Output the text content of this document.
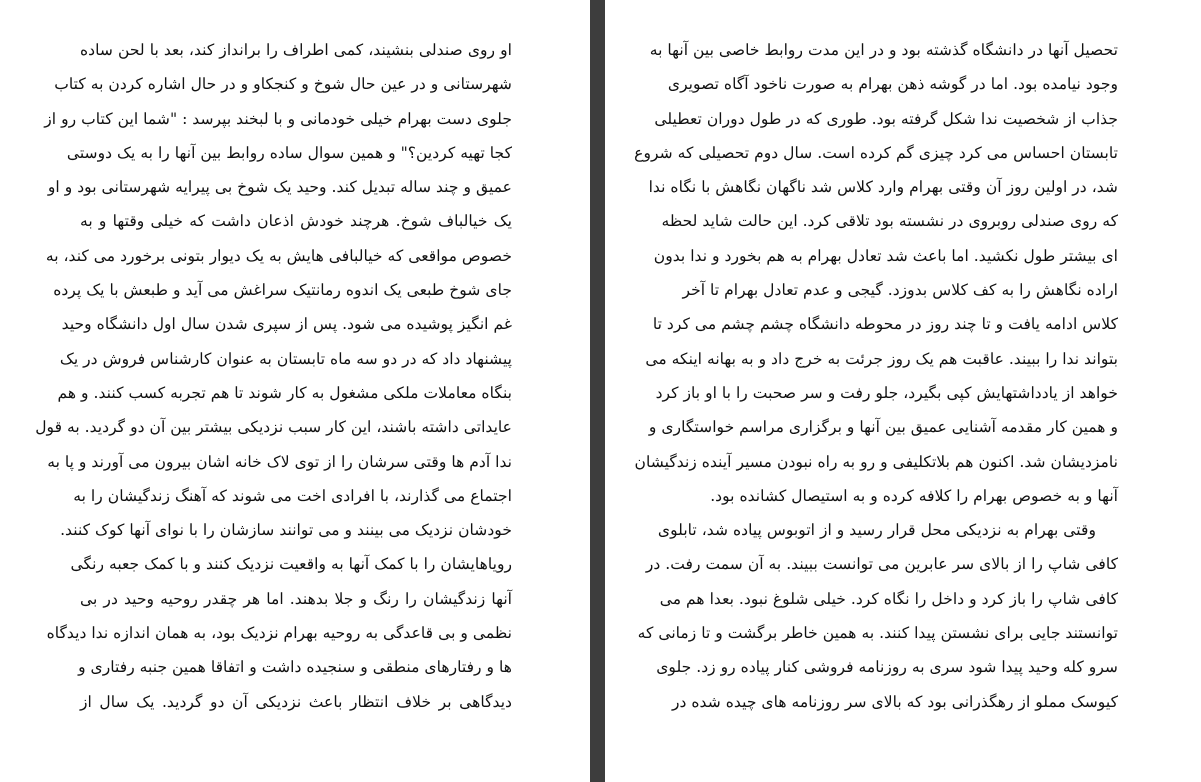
او روی صندلی بنشیند، کمی اطراف را برانداز کند، بعد با لحن ساده
شهرستانی و در عین حال شوخ و کنجکاو و در حال اشاره کردن به کتاب
جلوی دست بهرام خیلی خودمانی و با لبخند بپرسد : "شما این کتاب رو از
کجا تهیه کردین؟" و همین سوال ساده روابط بین آنها را به یک دوستی
عمیق و چند ساله تبدیل کند. وحید یک شوخ بی پیرایه شهرستانی بود و او
یک خیالباف شوخ. هرچند خودش اذعان داشت که خیلی وقتها و به
خصوص مواقعی که خیالبافی هایش به یک دیوار بتونی برخورد می کند، به
جای شوخ طبعی یک اندوه رمانتیک سراغش می آید و طبعش با یک پرده
غم انگیز پوشیده می شود. پس از سپری شدن سال اول دانشگاه وحید
پیشنهاد داد که در دو سه ماه تابستان به عنوان کارشناس فروش در یک
بنگاه معاملات ملکی مشغول به کار شوند تا هم تجربه کسب کنند. و هم
عایداتی داشته باشند، این کار سبب نزدیکی بیشتر بین آن دو گردید. به قول
ندا آدم ها وقتی سرشان را از توی لاک خانه اشان بیرون می آورند و پا به
اجتماع می گذارند، با افرادی اخت می شوند که آهنگ زندگیشان را به
خودشان نزدیک می بینند و می توانند سازشان را با نوای آنها کوک کنند.
رویاهایشان را با کمک آنها به واقعیت نزدیک کنند و با کمک جعبه رنگی
آنها زندگیشان را رنگ و جلا بدهند. اما هر چقدر روحیه وحید در بی
نظمی و بی قاعدگی به روحیه بهرام نزدیک بود، به همان اندازه ندا دیدگاه
ها و رفتارهای منطقی و سنجیده داشت و اتفاقا همین جنبه رفتاری و
دیدگاهی بر خلاف انتظار باعث نزدیکی آن دو گردید. یک سال از
تحصیل آنها در دانشگاه گذشته بود و در این مدت روابط خاصی بین آنها به
وجود نیامده بود. اما در گوشه ذهن بهرام به صورت ناخود آگاه تصویری
جذاب از شخصیت ندا شکل گرفته بود. طوری که در طول دوران تعطیلی
تابستان احساس می کرد چیزی گم کرده است. سال دوم تحصیلی که شروع
شد، در اولین روز آن وقتی بهرام وارد کلاس شد ناگهان نگاهش با نگاه ندا
که روی صندلی روبروی در نشسته بود تلاقی کرد. این حالت شاید لحظه
ای بیشتر طول نکشید. اما باعث شد تعادل بهرام به هم بخورد و ندا بدون
اراده نگاهش را به کف کلاس بدوزد. گیجی و عدم تعادل بهرام تا آخر
کلاس ادامه یافت و تا چند روز در محوطه دانشگاه چشم چشم می کرد تا
بتواند ندا را ببیند. عاقبت هم یک روز جرئت به خرج داد و به بهانه اینکه می
خواهد از یادداشتهایش کپی بگیرد، جلو رفت و سر صحبت را با او باز کرد
و همین کار مقدمه آشنایی عمیق بین آنها و برگزاری مراسم خواستگاری و
نامزدیشان شد. اکنون هم بلاتکلیفی و رو به راه نبودن مسیر آینده زندگیشان
آنها و به خصوص بهرام را کلافه کرده و به استیصال کشانده بود.
وقتی بهرام به نزدیکی محل قرار رسید و از اتوبوس پیاده شد، تابلوی
کافی شاپ را از بالای سر عابرین می توانست ببیند. به آن سمت رفت. در
کافی شاپ را باز کرد و داخل را نگاه کرد. خیلی شلوغ نبود. بعدا هم می
توانستند جایی برای نشستن پیدا کنند. به همین خاطر برگشت و تا زمانی که
سرو کله وحید پیدا شود سری به روزنامه فروشی کنار پیاده رو زد. جلوی
کیوسک مملو از رهگذرانی بود که بالای سر روزنامه های چیده شده در
